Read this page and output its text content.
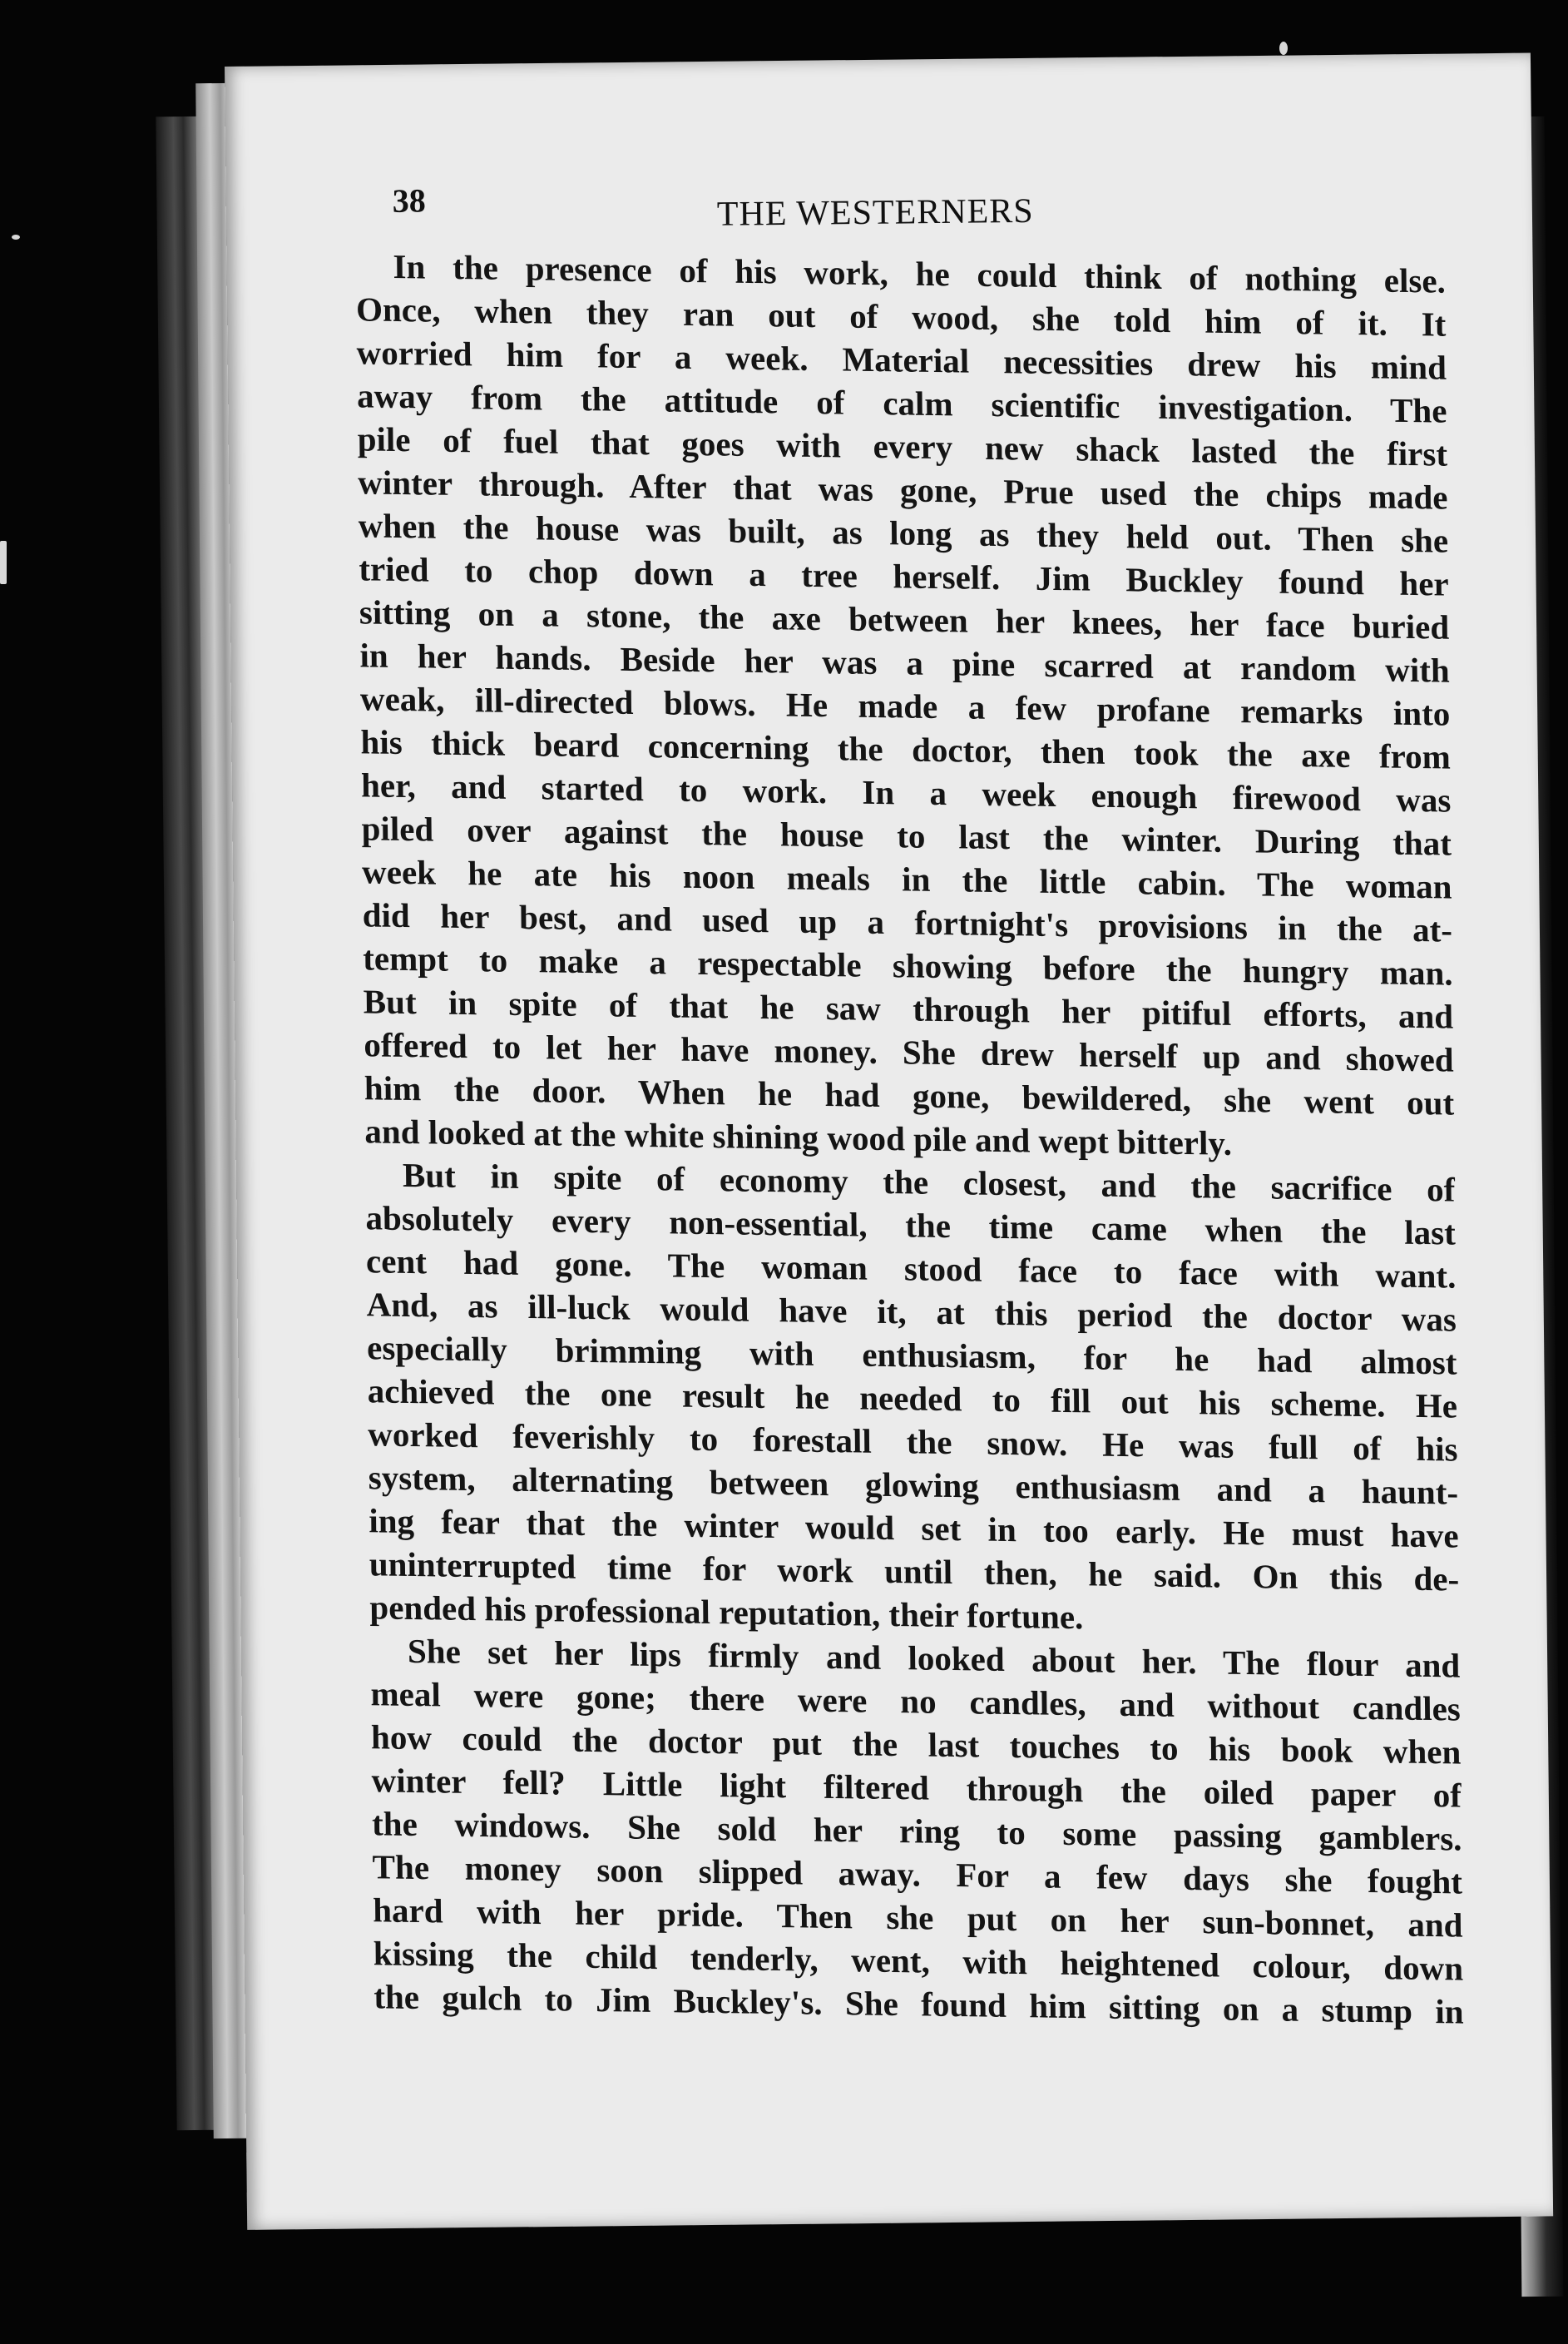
38	THE WESTERNERS
In the presence of his work, he could think of nothing else.
Once, when they ran out of wood, she told him of it. It
worried him for a week. Material necessities drew his mind
away from the attitude of calm scientific investigation. The
pile of fuel that goes with every new shack lasted the first
winter through. After that was gone, Prue used the chips made
when the house was built, as long as they held out. Then she
tried to chop down a tree herself. Jim Buckley found her
sitting on a stone, the axe between her knees, her face buried
in her hands. Beside her was a pine scarred at random with
weak, ill-directed blows. He made a few profane remarks into
his thick beard concerning the doctor, then took the axe from
her, and started to work. In a week enough firewood was
piled over against the house to last the winter. During that
week he ate his noon meals in the little cabin. The woman
did her best, and used up a fortnight's provisions in the at-
tempt to make a respectable showing before the hungry man.
But in spite of that he saw through her pitiful efforts, and
offered to let her have money. She drew herself up and showed
him the door. When he had gone, bewildered, she went out
and looked at the white shining wood pile and wept bitterly.
But in spite of economy the closest, and the sacrifice of
absolutely every non-essential, the time came when the last
cent had gone. The woman stood face to face with want.
And, as ill-luck would have it, at this period the doctor was
especially brimming with enthusiasm, for he had almost
achieved the one result he needed to fill out his scheme. He
worked feverishly to forestall the snow. He was full of his
system, alternating between glowing enthusiasm and a haunt-
ing fear that the winter would set in too early. He must have
uninterrupted time for work until then, he said. On this de-
pended his professional reputation, their fortune.
She set her lips firmly and looked about her. The flour and
meal were gone; there were no candles, and without candles
how could the doctor put the last touches to his book when
winter fell? Little light filtered through the oiled paper of
the windows. She sold her ring to some passing gamblers.
The money soon slipped away. For a few days she fought
hard with her pride. Then she put on her sun-bonnet, and
kissing the child tenderly, went, with heightened colour, down
the gulch to Jim Buckley's. She found him sitting on a stump in
